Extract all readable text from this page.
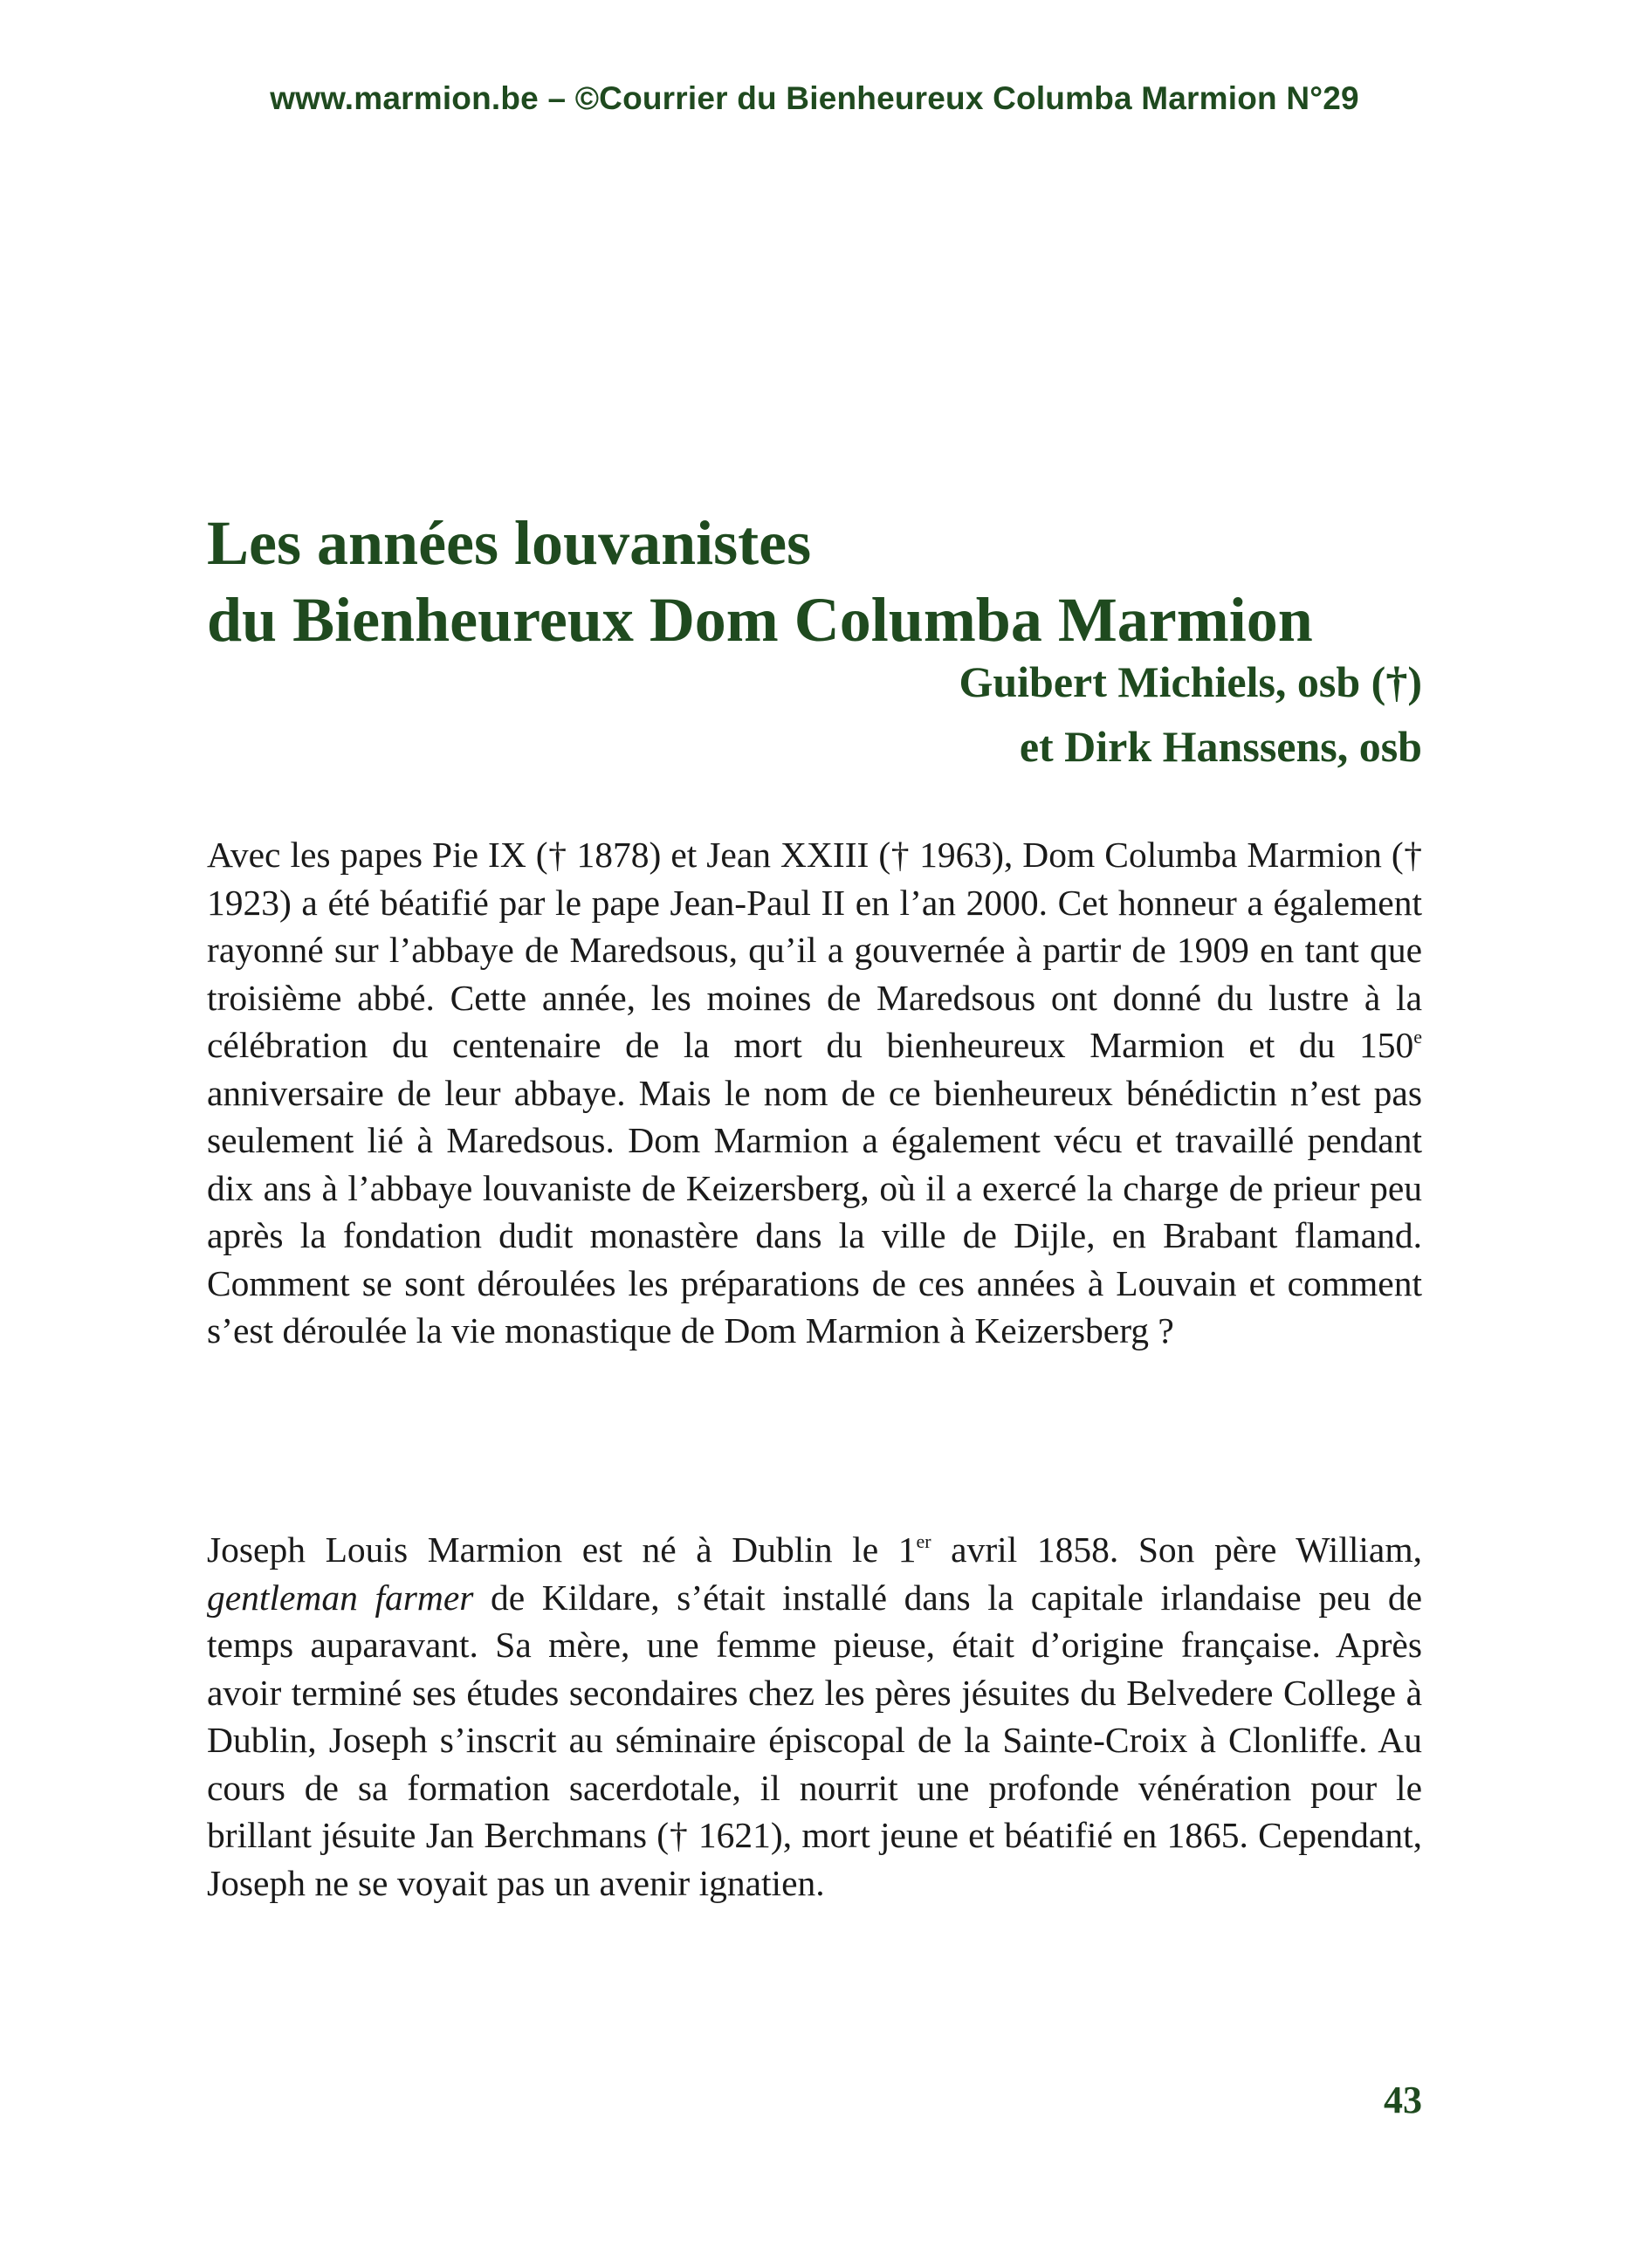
www.marmion.be – ©Courrier du Bienheureux Columba Marmion N°29
Les années louvanistes
du Bienheureux Dom Columba Marmion
Guibert Michiels, osb (†)
et Dirk Hanssens, osb

Avec les papes Pie IX († 1878) et Jean XXIII († 1963), Dom Columba Marmion († 1923) a été béatifié par le pape Jean-Paul II en l’an 2000. Cet honneur a également rayonné sur l’abbaye de Maredsous, qu’il a gouvernée à partir de 1909 en tant que troisième abbé. Cette année, les moines de Maredsous ont donné du lustre à la célébration du centenaire de la mort du bienheureux Marmion et du 150e anniversaire de leur abbaye. Mais le nom de ce bienheureux bénédictin n’est pas seulement lié à Maredsous. Dom Marmion a également vécu et travaillé pendant dix ans à l’abbaye louvaniste de Keizersberg, où il a exercé la charge de prieur peu après la fondation dudit monastère dans la ville de Dijle, en Brabant flamand. Comment se sont déroulées les préparations de ces années à Louvain et comment s’est déroulée la vie monastique de Dom Marmion à Keizersberg ?

Joseph Louis Marmion est né à Dublin le 1er avril 1858. Son père William, gentleman farmer de Kildare, s’était installé dans la capitale irlandaise peu de temps auparavant. Sa mère, une femme pieuse, était d’origine française. Après avoir terminé ses études secondaires chez les pères jésuites du Belvedere College à Dublin, Joseph s’inscrit au séminaire épiscopal de la Sainte-Croix à Clonliffe. Au cours de sa formation sacerdotale, il nourrit une profonde vénération pour le brillant jésuite Jan Berchmans († 1621), mort jeune et béatifié en 1865. Cependant, Joseph ne se voyait pas un avenir ignatien.

43
